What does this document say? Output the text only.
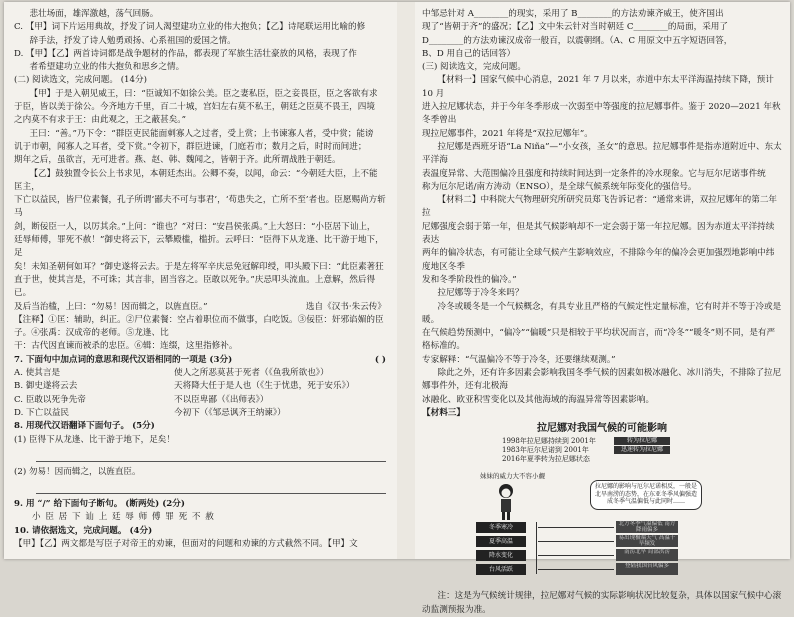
悲壮场面，雄浑激越，荡气回肠。

C. 【甲】词下片运用典故，抒发了词人渴望建功立业的伟大抱负；【乙】诗尾联运用比喻的修

辞手法，抒发了诗人勉勇顽扬、心系祖国的爱国之情。

D. 【甲】【乙】两首诗词都是战争题材的作品，都表现了军旅生活壮豪放的风格，表现了作

者希望建功立业的伟大抱负和思乡之情。

(二) 阅读选文，完成问题。 (14分)

【甲】于是入朝见威王，曰：“臣诚知不如徐公美。臣之妻私臣，臣之妾畏臣，臣之客欲有求

于臣，皆以美于徐公。今齐地方千里，百二十城，宫妇左右莫不私王，朝廷之臣莫不畏王，四境

之内莫不有求于王：由此观之，王之蔽甚矣。”

王曰：“善。”乃下令：“群臣吏民能面刺寡人之过者，受上赏；上书谏寡人者，受中赏；能谤

讥于市朝，闻寡人之耳者，受下赏。”令初下，群臣进谏，门庭若市；数月之后，时时而间进；

期年之后，虽欲言，无可进者。燕、赵、韩、魏闻之，皆朝于齐。此所谓战胜于朝廷。

【乙】鼓独置令长公上书求见，本朝廷杰出。公卿不奏，以闻，命云：“今朝廷大臣，上不能匡主，

下亡以益民，皆尸位素餐，孔子所谓‘鄙夫不可与事君’，‘苟患失之，亡所不至’者也。臣愿赐尚方斩马

剑，断佞臣一人，以厉其余。”上问：“谁也？”对曰：“安昌侯张禹。”上大怒曰：“小臣居下讪上，

廷辱师傅，罪死不赦！”御史将云下，云攀殿槛，槛折。云呼曰：“臣得下从龙逢、比干游于地下，足

矣！未知圣朝何如耳？”御史遂将云去。于是左将军辛庆忌免冠解印绶，叩头殿下曰：“此臣素著狂

直于世，使其言是，不可诛；其言非，固当容之。臣敢以死争。”庆忌叩头流血。上意解，然后得已。

及后当治槛，上曰：“勿易！因而辑之，以旌直臣。”	选自《汉书·朱云传》

【注释】①匡：辅助，纠正。②尸位素餐：空占着职位而不做事，白吃饭。③佞臣：奸邪谄媚的臣子。④张禹：汉成帝的老师。⑤龙逢、比

干：古代因直谏而被杀的忠臣。⑥辑：连缀，这里指修补。

7. 下面句中加点词的意思和现代汉语相同的一项是 (3分)	( )

A. 使其言是	使人之所恶莫甚于死者（《鱼我所欲也》）
B. 御史遂将云去	天将降大任于是人也（《生于忧患，死于安乐》）
C. 臣敢以死争先帝	不以臣卑鄙（《出师表》）
D. 下亡以益民	今初下（《邹忌讽齐王纳谏》）

8. 用现代汉语翻译下面句子。 (5分)

(1) 臣得下从龙逢、比干游于地下，足矣！

(2) 勿易！因而辑之，以旌直臣。

9. 用 “/” 给下面句子断句。 (断两处) (2分)

小 臣 居 下 讪 上 廷 辱 师 傅 罪 死 不 赦

10. 请依据选文，完成问题。 (4分)

【甲】【乙】两文都是写臣子对帝王的劝谏，但面对的问题和劝谏的方式截然不同。【甲】文

中邹忌针对 A________的现实，采用了 B________的方法劝谏齐威王，使齐国出

现了“皆朝于齐”的盛况；【乙】文中朱云针对当时朝廷 C________的局面，采用了

D________的方法劝谏汉成帝一般百，以震朝纲。（A、C 用原文中五字短语回答，

B、D 用自己的话回答）

(三) 阅读选文，完成问题。

【材料一】国家气候中心消息，2021 年 7 月以来，赤道中东太平洋海温持续下降，预计 10 月

进入拉尼娜状态，并于今年冬季形成一次弱至中等强度的拉尼娜事件。鉴于 2020—2021 年秋冬季曾出

现拉尼娜事件，2021 年将是“双拉尼娜年”。

拉尼娜是西班牙语“La Niña”—“小女孩，圣女”的意思。拉尼娜事件是指赤道附近中、东太平洋海

表温度异常、大范围偏冷且强度和持续时间达到一定条件的冷水现象。它与厄尔尼诺事件统

称为厄尔尼诺/南方涛动（ENSO），是全球气候系统年际变化的强信号。

【材料二】中科院大气物理研究所研究员郑飞告诉记者：“通常来讲，双拉尼娜年的第二年拉

尼娜强度会弱于第一年，但是其气候影响却不一定会弱于第一年拉尼娜。因为赤道太平洋持续表达

两年的偏冷状态，有可能让全球气候产生影响效应，不排除今年的偏冷会更加强烈地影响中纬度地区冬季

发和冬季阶段性的偏冷。”

拉尼娜等于冷冬来吗？

冷冬或暖冬是一个气候概念，有具专业且严格的气候定性定量标准，它有时并不等于冷或是暖。

在气候趋势预测中，“偏冷”“偏暖”只是相较于平均状况而言，而“冷冬”“暖冬”则不同，是有严格标准的。

专家解释：“气温偏冷不等于冷冬，还要继续观测。”

除此之外，还有许多因素会影响我国冬季气候的因素如极冰融化、冰川消失，不排除了拉尼娜事件外，还有北极海

冰融化、欧亚积雪变化以及其他海域的海温异常等因素影响。

【材料三】

拉尼娜对我国气候的可能影响
1998年拉尼娜持续到 2001年
1983年厄尔尼诺到 2001年
2016年夏季转为拉尼娜状态
转为拉尼娜
迅速转为拉尼娜
妹妹的威力大不容小觑
拉尼娜的影响与厄尔尼诺相反，一般是北旱南涝的态势，在东亚冬季风偏强造成冬季气温偏低与此同时……
冬季寒冷
夏季高温
降水变化
台风活跃
北方冬季气温偏低 南方降雨偏多
易出现极端天气 高温干旱频发
南涝北旱 局部洪涝
登陆我国台风偏多

注：这是为气候统计规律，拉尼娜对气候的实际影响状况比较复杂，具体以国家气候中心滚

动监测预报为准。
